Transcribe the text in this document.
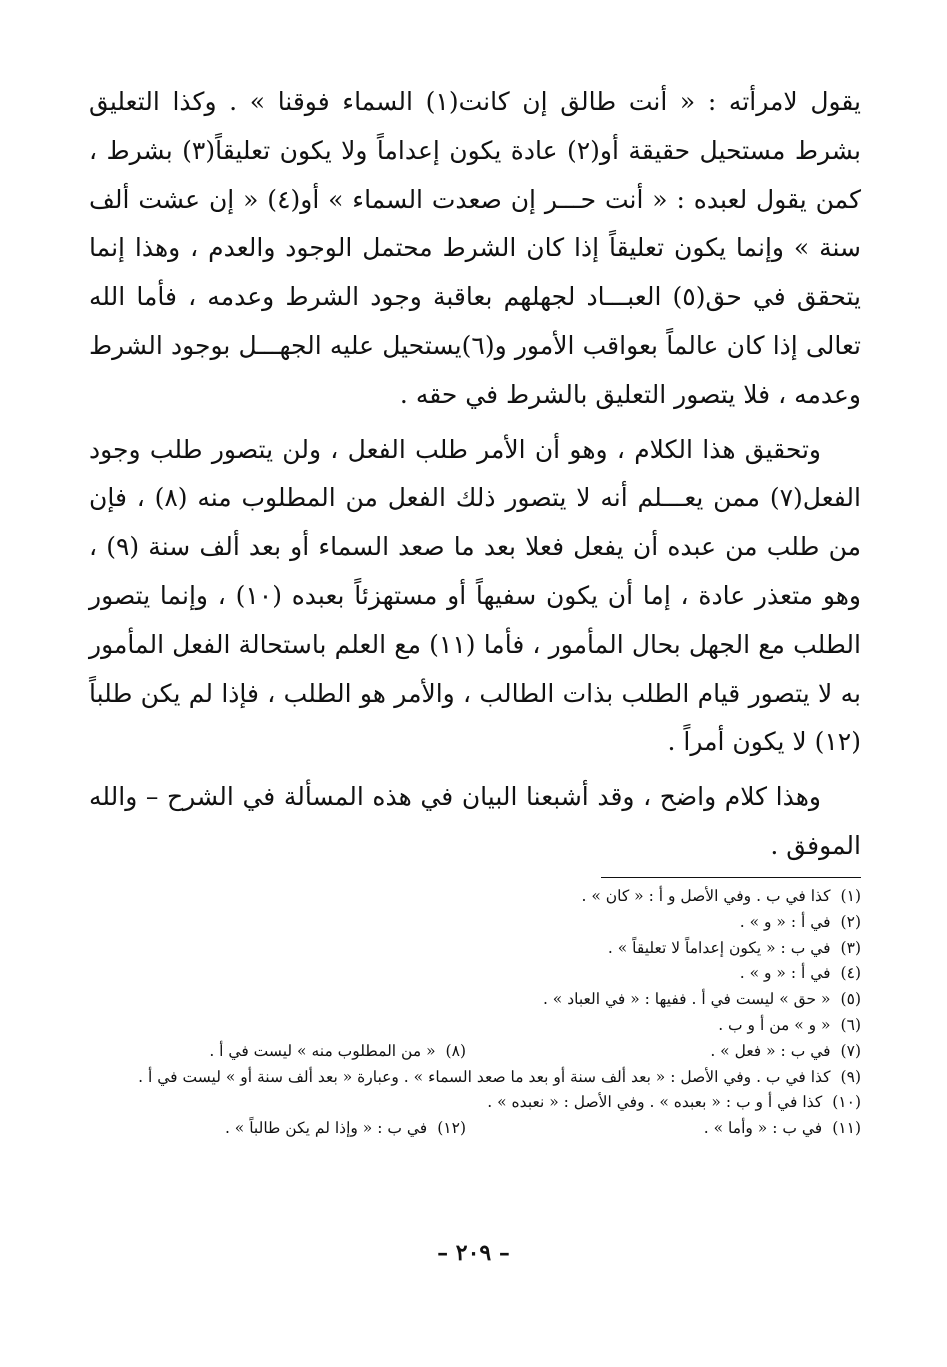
يقول لامرأته : « أنت طالق إن كانت(١) السماء فوقنا » . وكذا التعليق بشرط مستحيل حقيقة أو(٢) عادة يكون إعداماً ولا يكون تعليقاً(٣) بشرط ، كمن يقول لعبده : « أنت حـــر إن صعدت السماء » أو(٤) « إن عشت ألف سنة » وإنما يكون تعليقاً إذا كان الشرط محتمل الوجود والعدم ، وهذا إنما يتحقق في حق(٥) العبـــاد لجهلهم بعاقبة وجود الشرط وعدمه ، فأما الله تعالى إذا كان عالماً بعواقب الأمور و(٦)يستحيل عليه الجهـــل بوجود الشرط وعدمه ، فلا يتصور التعليق بالشرط في حقه .

وتحقيق هذا الكلام ، وهو أن الأمر طلب الفعل ، ولن يتصور طلب وجود الفعل(٧) ممن يعـــلم أنه لا يتصور ذلك الفعل من المطلوب منه (٨) ، فإن من طلب من عبده أن يفعل فعلا بعد ما صعد السماء أو بعد ألف سنة (٩) ، وهو متعذر عادة ، إما أن يكون سفيهاً أو مستهزئاً بعبده (١٠) ، وإنما يتصور الطلب مع الجهل بحال المأمور ، فأما (١١) مع العلم باستحالة الفعل المأمور به لا يتصور قيام الطلب بذات الطالب ، والأمر هو الطلب ، فإذا لم يكن طلباً (١٢) لا يكون أمراً .

وهذا كلام واضح ، وقد أشبعنا البيان في هذه المسألة في الشرح – والله الموفق .

(١)كذا في ب . وفي الأصل و أ : « كان » .
(٢)في أ : « و » .
(٣)في ب : « يكون إعداماً لا تعليقاً » .
(٤)في أ : « و » .
(٥)« حق » ليست في أ . ففيها : « في العباد » .
(٦)« و » من أ و ب .
(٧)في ب : « فعل » .
(٨)« من المطلوب منه » ليست في أ .
(٩)كذا في ب . وفي الأصل : « بعد ألف سنة أو بعد ما صعد السماء » . وعبارة « بعد ألف سنة أو » ليست في أ .
(١٠)كذا في أ و ب : « بعبده » . وفي الأصل : « نعبده » .
(١١)في ب : « وأما » .
(١٢)في ب : « وإذا لم يكن طالباً » .
– ٢٠٩ –
